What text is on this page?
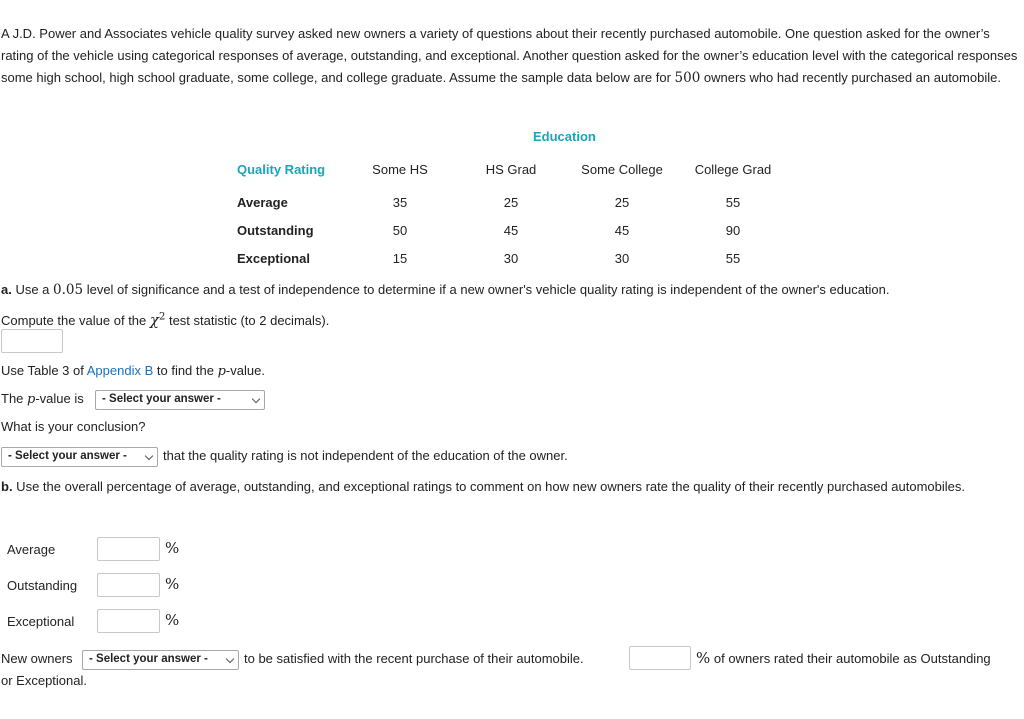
A J.D. Power and Associates vehicle quality survey asked new owners a variety of questions about their recently purchased automobile. One question asked for the owner’s rating of the vehicle using categorical responses of average, outstanding, and exceptional. Another question asked for the owner’s education level with the categorical responses some high school, high school graduate, some college, and college graduate. Assume the sample data below are for 500 owners who had recently purchased an automobile.
Education
Quality Rating	Some HS	HS Grad	Some College	College Grad
Average	35	25	25	55
Outstanding	50	45	45	90
Exceptional	15	30	30	55
a. Use a 0.05 level of significance and a test of independence to determine if a new owner's vehicle quality rating is independent of the owner's education.
Compute the value of the $\chi^2$ test statistic (to 2 decimals).
Use Table 3 of Appendix B to find the p-value.
The p-value is	- Select your answer -
What is your conclusion?
- Select your answer -	that the quality rating is not independent of the education of the owner.
b. Use the overall percentage of average, outstanding, and exceptional ratings to comment on how new owners rate the quality of their recently purchased automobiles.
Average	%
Outstanding	%
Exceptional	%
New owners	- Select your answer -	to be satisfied with the recent purchase of their automobile.	% of owners rated their automobile as Outstanding
or Exceptional.
